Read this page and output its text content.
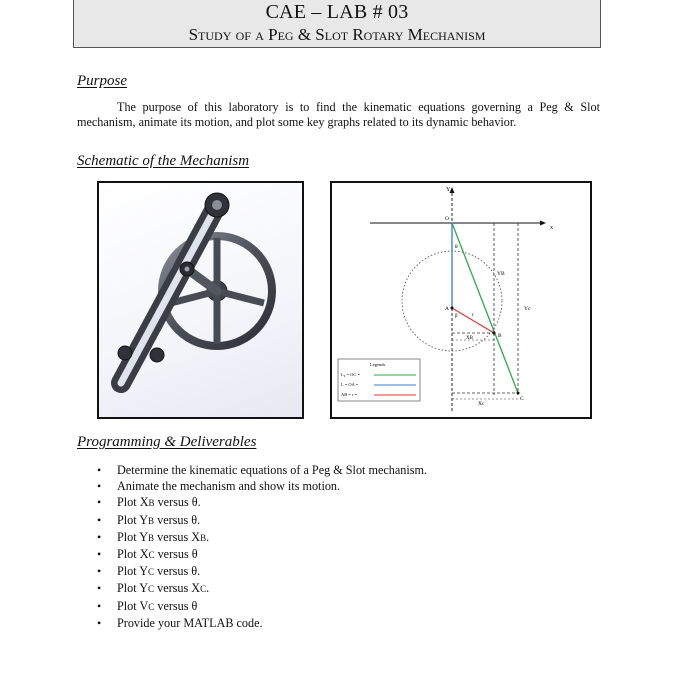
CAE – LAB # 03
Study of a Peg & Slot Rotary Mechanism
Purpose
The purpose of this laboratory is to find the kinematic equations governing a Peg & Slot mechanism, animate its motion, and plot some key graphs related to its dynamic behavior.
Schematic of the Mechanism
Y
x
O
A
B
C
θ
r
β
YB
Yc
XB
Xc
Legends
L₀ = OC =
L = OA =
AB = r =
Programming & Deliverables
• Determine the kinematic equations of a Peg & Slot mechanism.
• Animate the mechanism and show its motion.
• Plot XB versus θ.
• Plot YB versus θ.
• Plot YB versus XB.
• Plot XC versus θ
• Plot YC versus θ.
• Plot YC versus XC.
• Plot VC versus θ
• Provide your MATLAB code.
